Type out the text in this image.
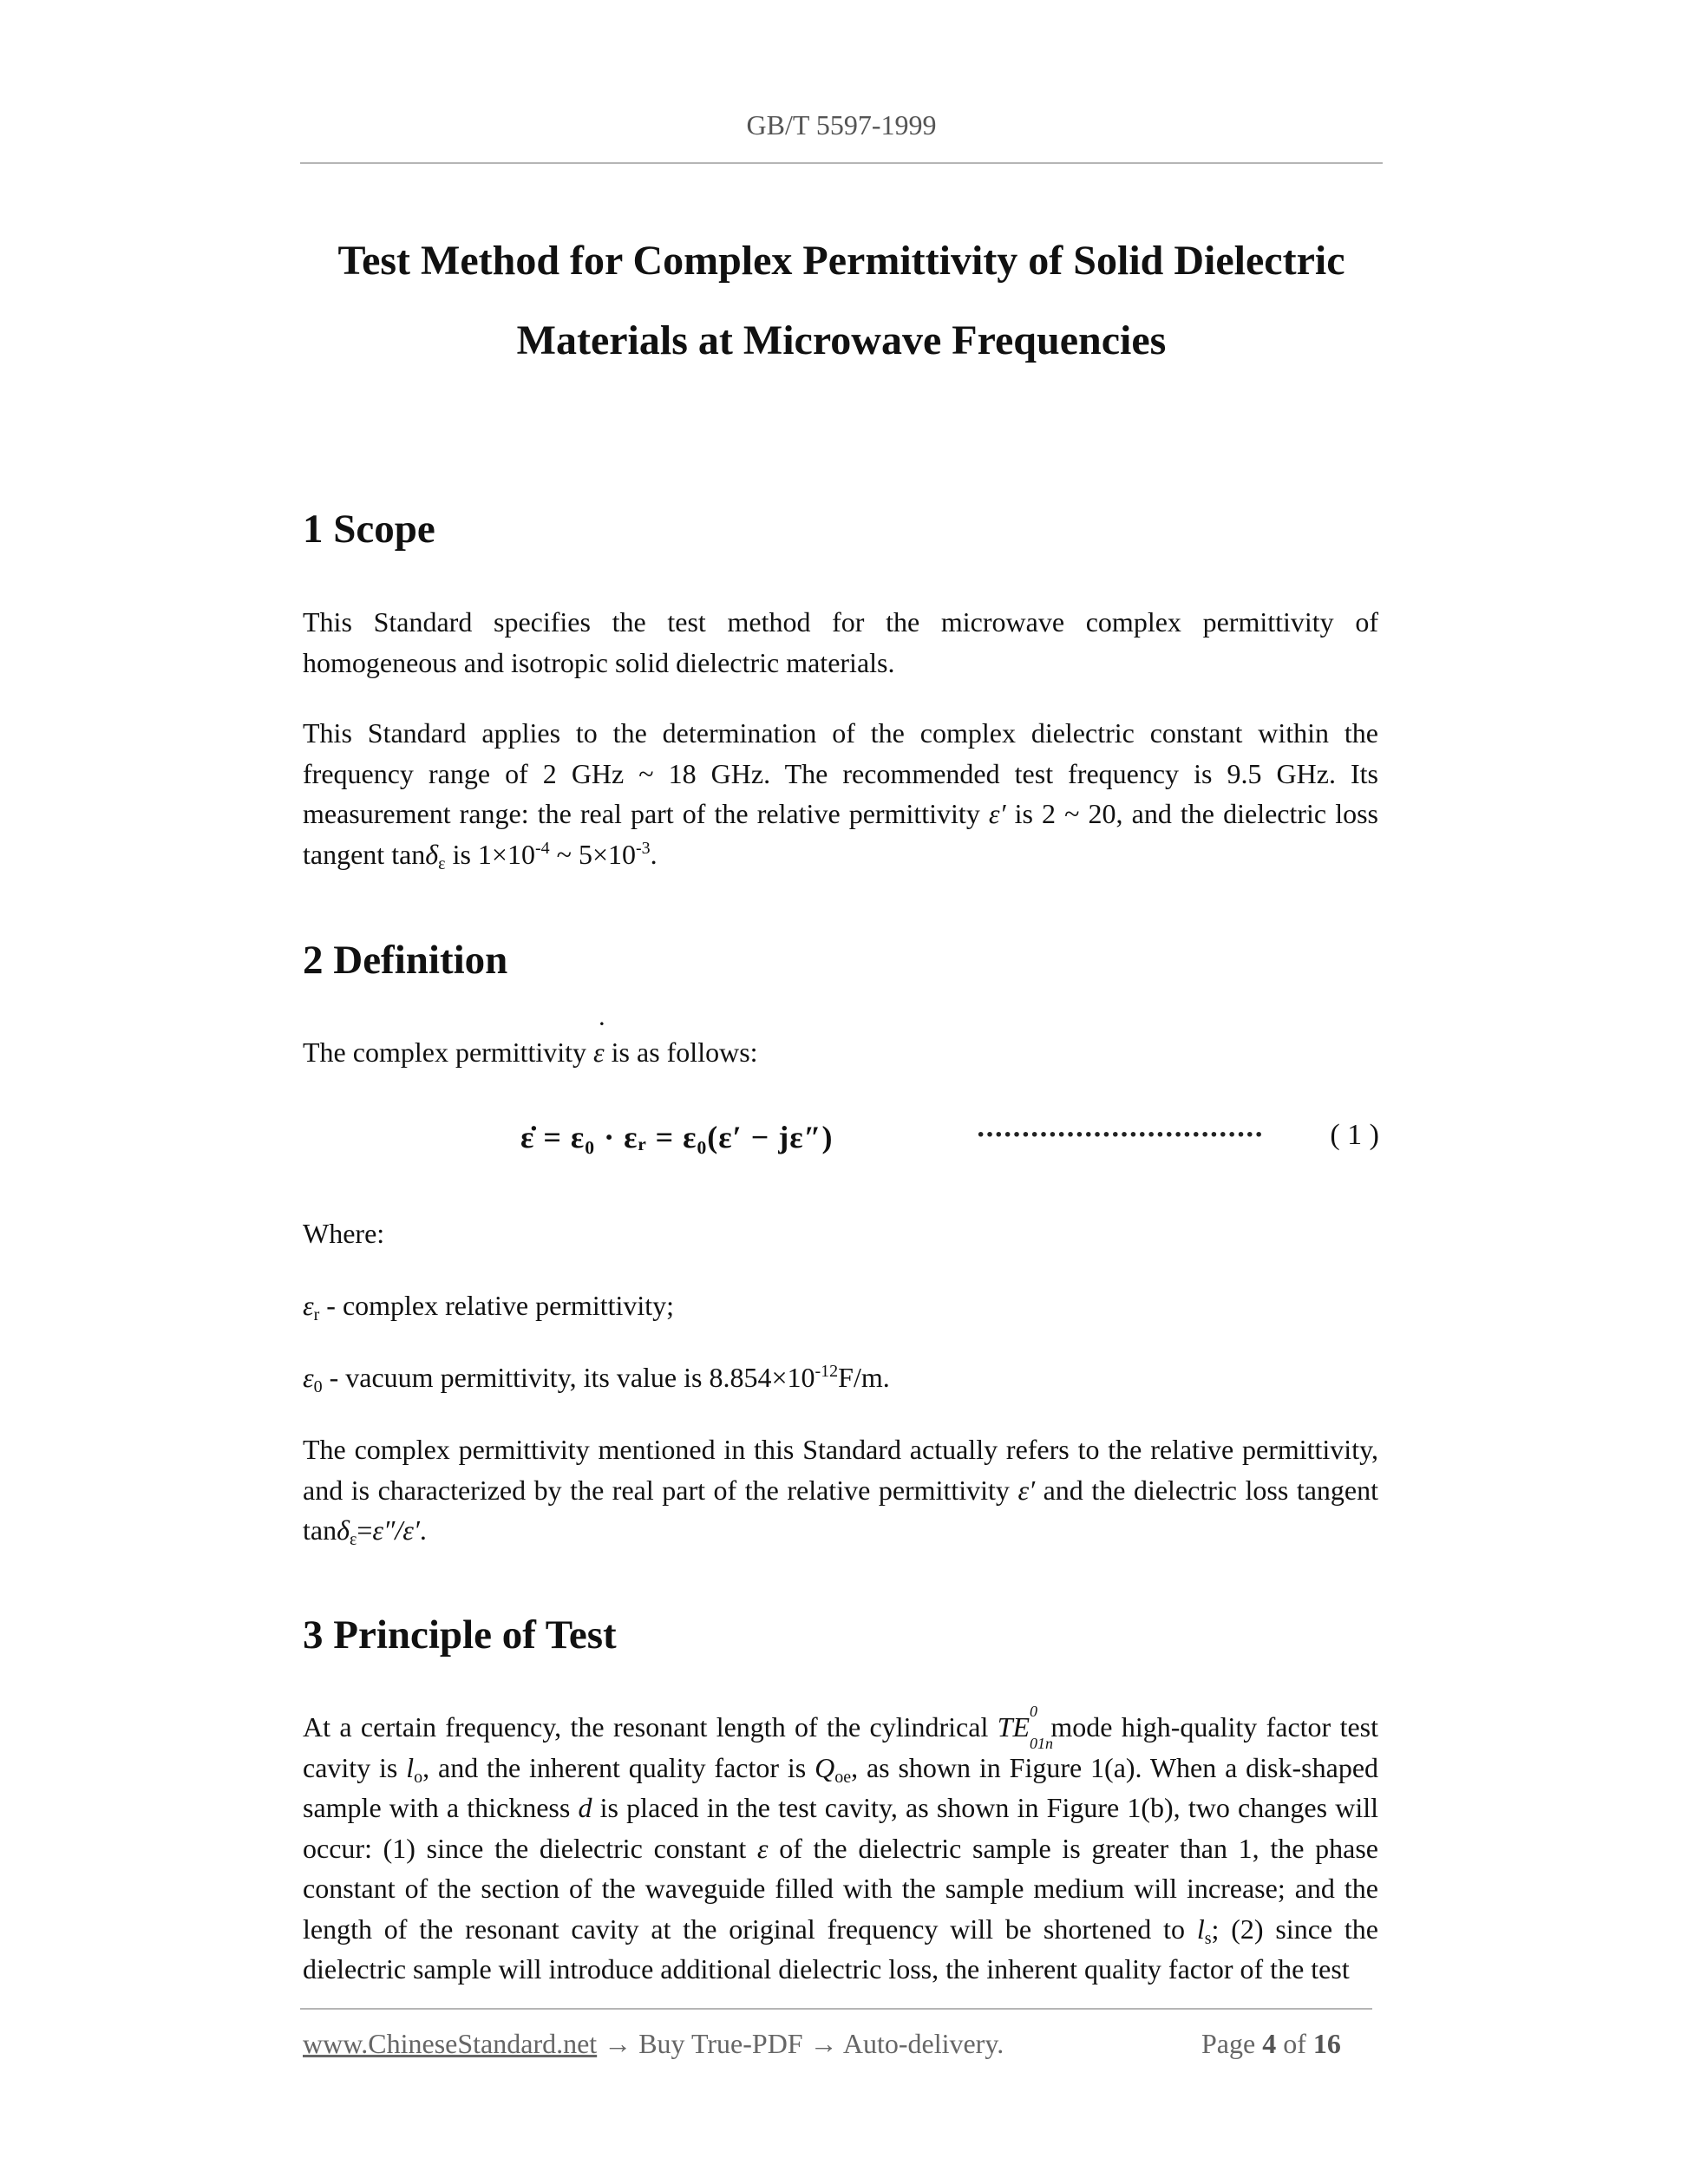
GB/T 5597-1999
Test Method for Complex Permittivity of Solid Dielectric
Materials at Microwave Frequencies
1 Scope

This Standard specifies the test method for the microwave complex permittivity of homogeneous and isotropic solid dielectric materials.

This Standard applies to the determination of the complex dielectric constant within the frequency range of 2 GHz ~ 18 GHz. The recommended test frequency is 9.5 GHz. Its measurement range: the real part of the relative permittivity ε′ is 2 ~ 20, and the dielectric loss tangent tanδ$_\varepsilon$ is $1\times 10^{-4}$ ~ $5\times 10^{-3}$.

2 Definition

The complex permittivity ˙ ε is as follows:

ε̇ = ε₀ · εᵣ = ε₀(ε′ − jε″)	································ ( 1 )

Where:

$\varepsilon_r$ - complex relative permittivity;

$\varepsilon_0$ - vacuum permittivity, its value is $8.854\times 10^{-12}F/m$.

The complex permittivity mentioned in this Standard actually refers to the relative permittivity, and is characterized by the real part of the relative permittivity ε′ and the dielectric loss tangent tanδ$_\varepsilon$=ε″/ε′.

3 Principle of Test

At a certain frequency, the resonant length of the cylindrical TE 0
01n
mode high-quality factor test cavity is $l_o$, and the inherent quality factor is $Q_{oe}$, as shown in Figure 1(a). When a disk-shaped sample with a thickness d is placed in the test cavity, as shown in Figure 1(b), two changes will occur: (1) since the dielectric constant ε of the dielectric sample is greater than 1, the phase constant of the section of the waveguide filled with the sample medium will increase; and the length of the resonant cavity at the original frequency will be shortened to $l_s$; (2) since the dielectric sample will introduce additional dielectric loss, the inherent quality factor of the test

www.ChineseStandard.net → Buy True-PDF → Auto-delivery.	Page 4 of 16
